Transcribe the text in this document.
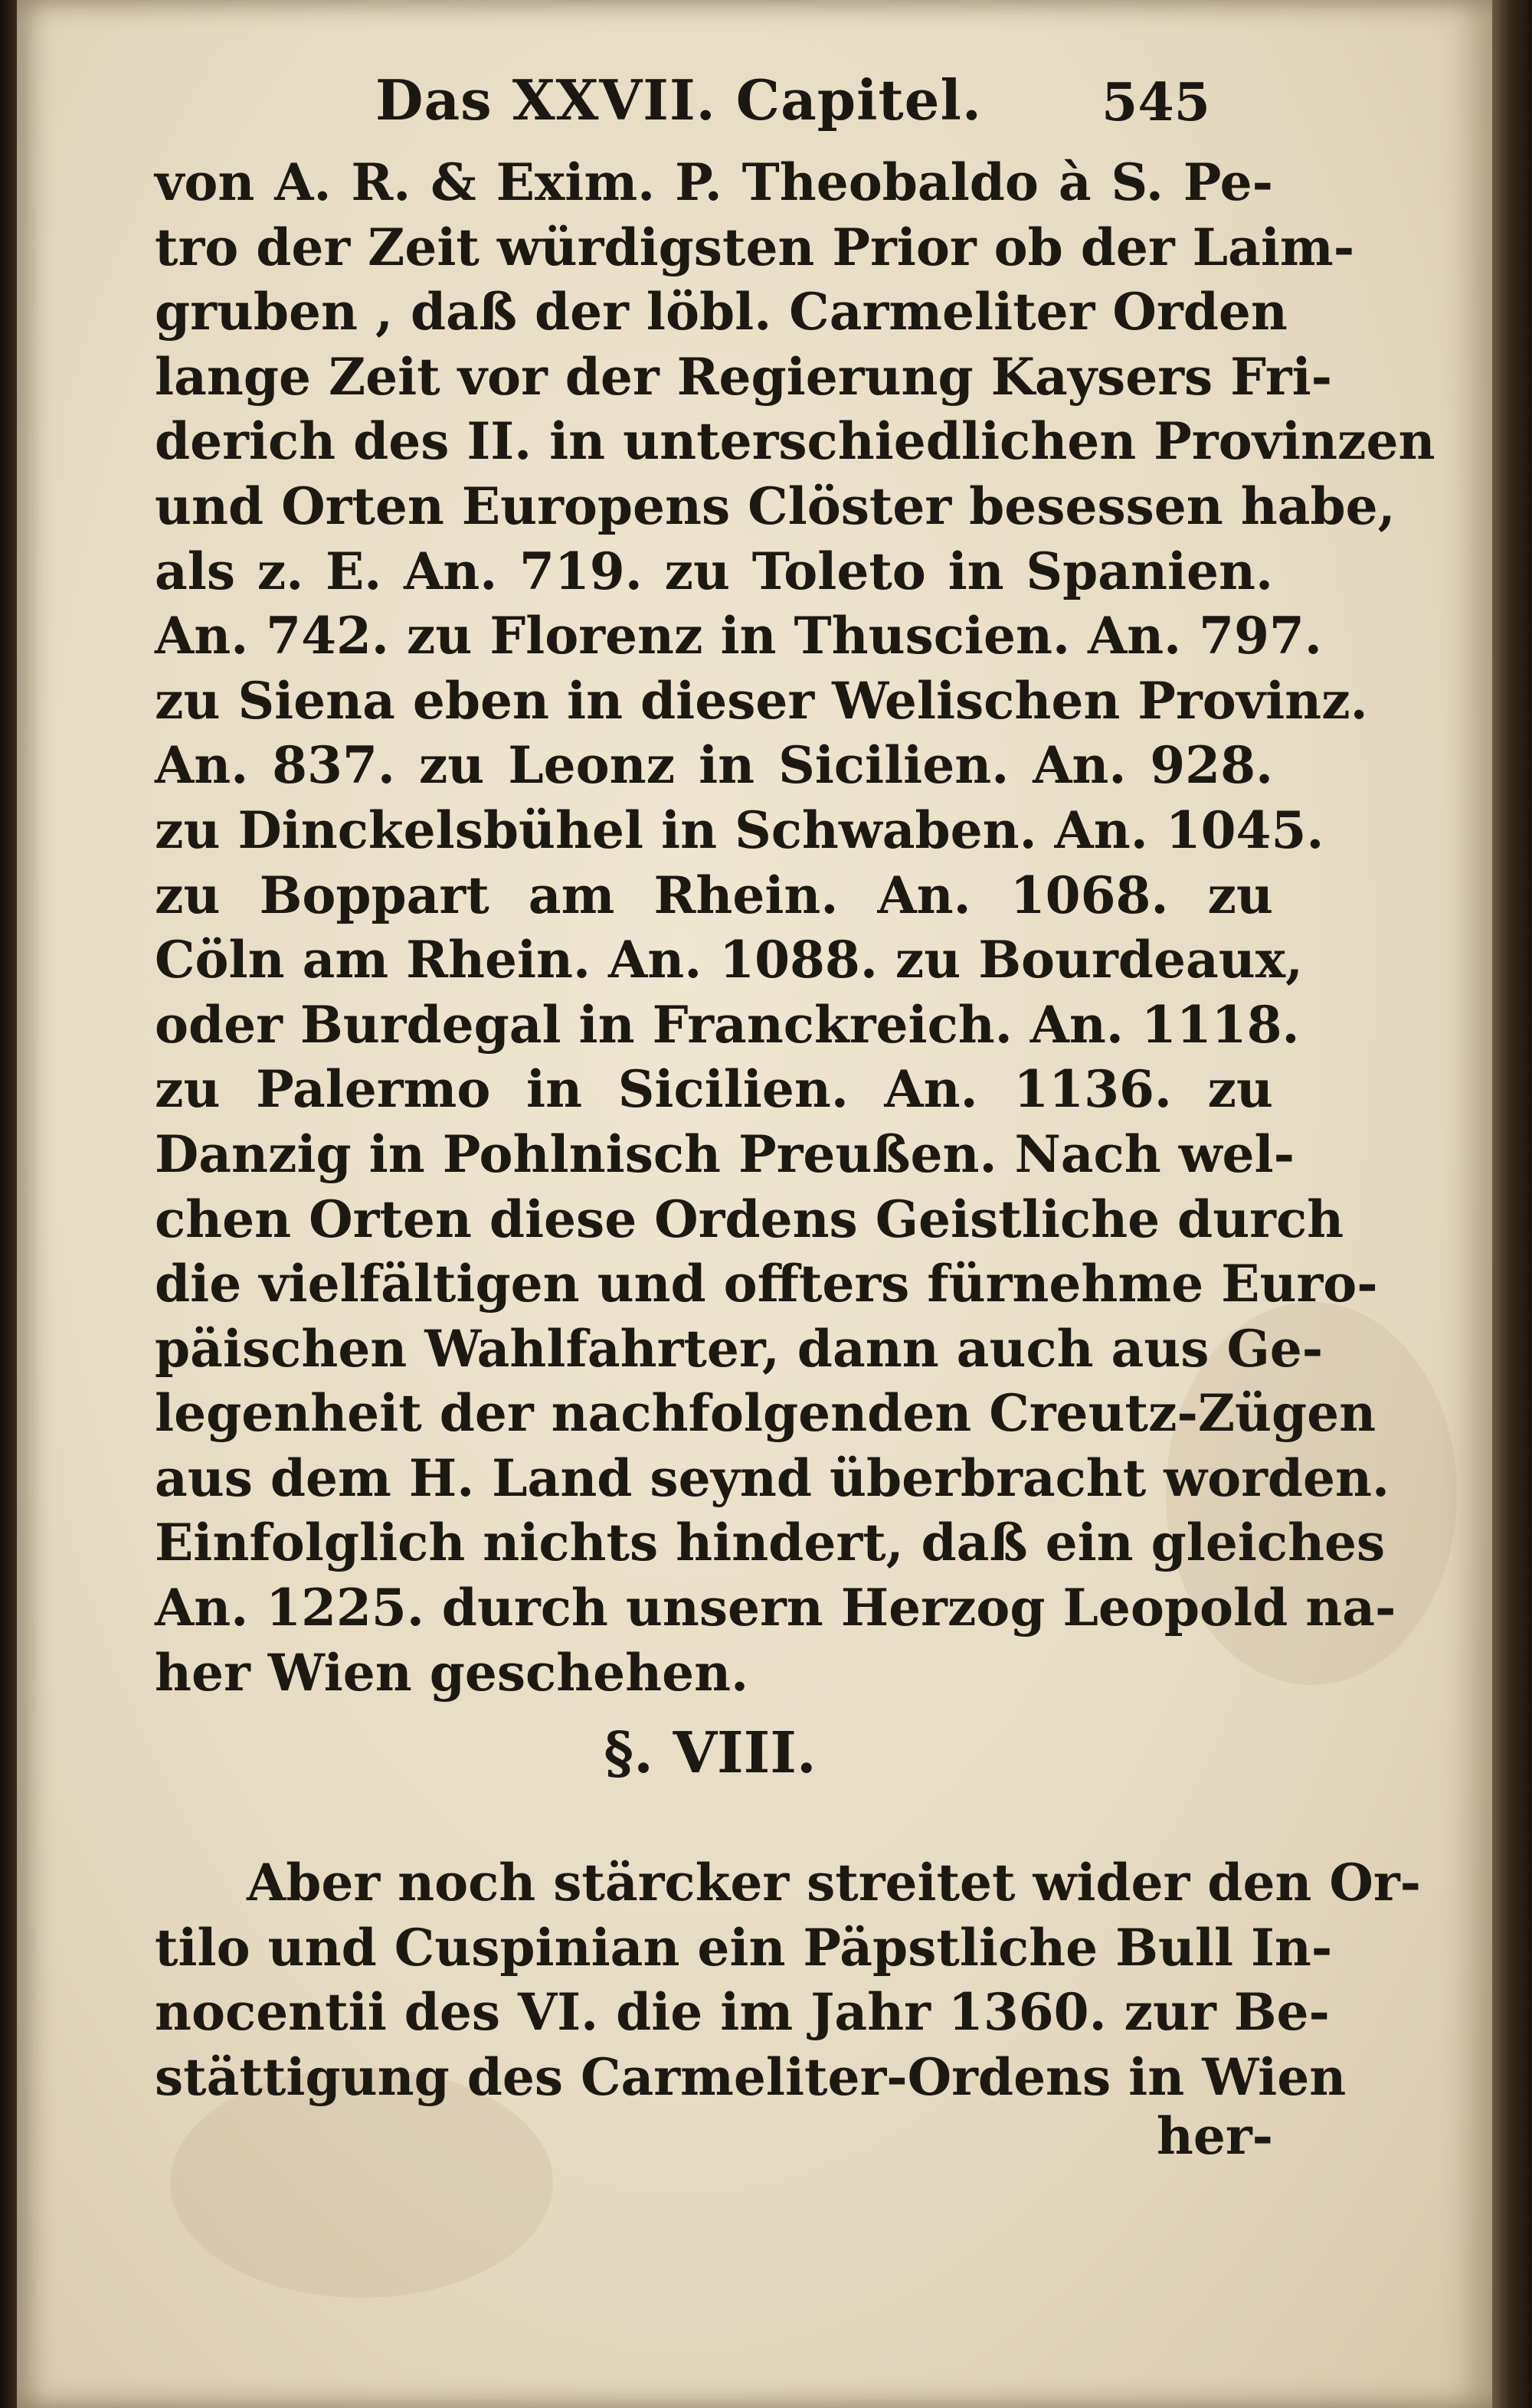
Das XXVII. Capitel. 545
von A. R. & Exim. P. Theobaldo à S. Pe-
tro der Zeit würdigsten Prior ob der Laim-
gruben , daß der löbl. Carmeliter Orden
lange Zeit vor der Regierung Kaysers Fri-
derich des II. in unterschiedlichen Provinzen
und Orten Europens Clöster besessen habe,
als z. E. An. 719. zu Toleto in Spanien.
An. 742. zu Florenz in Thuscien. An. 797.
zu Siena eben in dieser Welischen Provinz.
An. 837. zu Leonz in Sicilien. An. 928.
zu Dinckelsbühel in Schwaben. An. 1045.
zu Boppart am Rhein. An. 1068. zu
Cöln am Rhein. An. 1088. zu Bourdeaux,
oder Burdegal in Franckreich. An. 1118.
zu Palermo in Sicilien. An. 1136. zu
Danzig in Pohlnisch Preußen. Nach wel-
chen Orten diese Ordens Geistliche durch
die vielfältigen und offters fürnehme Euro-
päischen Wahlfahrter, dann auch aus Ge-
legenheit der nachfolgenden Creutz-Zügen
aus dem H. Land seynd überbracht worden.
Einfolglich nichts hindert, daß ein gleiches
An. 1225. durch unsern Herzog Leopold na-
her Wien geschehen.
§. VIII.
Aber noch stärcker streitet wider den Or-
tilo und Cuspinian ein Päpstliche Bull In-
nocentii des VI. die im Jahr 1360. zur Be-
stättigung des Carmeliter-Ordens in Wien
her-
